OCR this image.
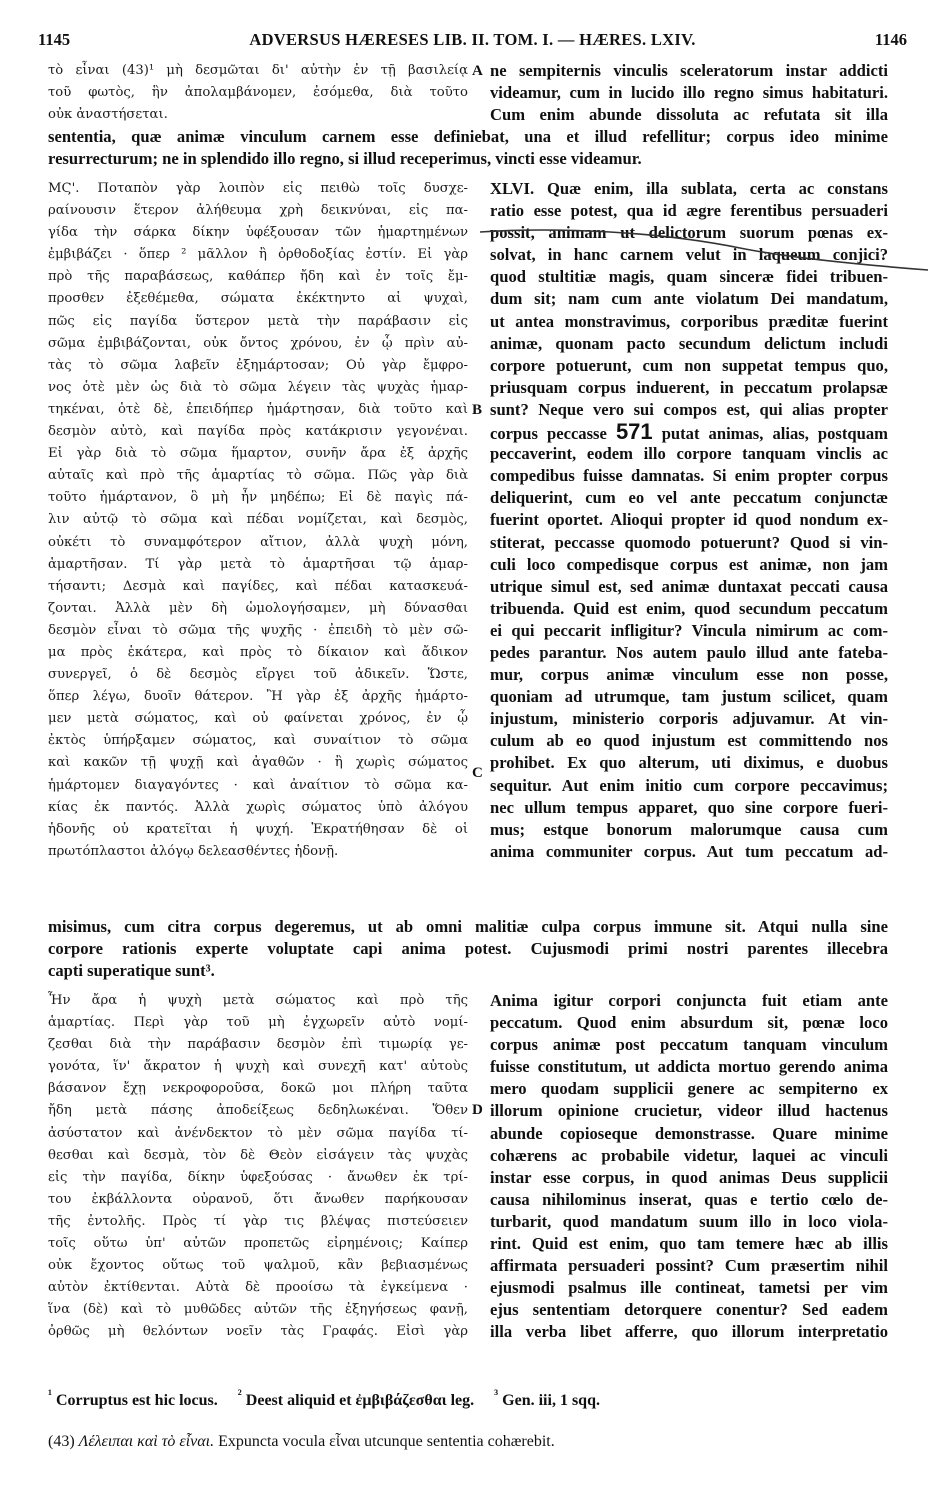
1145	ADVERSUS HÆRESES LIB. II. TOM. I. — HÆRES. LXIV.	1146
τὸ εἶναι (43)¹ μὴ δεσμῶται δι' αὐτὴν ἐν τῇ βασιλείᾳ
τοῦ φωτὸς, ἣν ἀπολαμβάνομεν, ἐσόμεθα, διὰ τοῦτο
οὐκ ἀναστήσεται.
A ne sempiternis vinculis sceleratorum instar addicti
videamur, cum in lucido illo regno simus habitaturi.
Cum enim abunde dissoluta ac refutata sit illa
sententia, quæ animæ vinculum carnem esse definiebat, una et illud refellitur; corpus ideo minime
resurrecturum; ne in splendido illo regno, si illud receperimus, vincti esse videamur.
ΜϚ'. Ποταπὸν γὰρ λοιπὸν εἰς πειθὼ τοῖς δυσχε-
ραίνουσιν ἕτερον ἀλήθευμα χρὴ δεικνύναι, εἰς πα-
γίδα τὴν σάρκα δίκην ὑφέξουσαν τῶν ἡμαρτημένων
ἐμβιβάζει · ὅπερ ² μᾶλλον ἢ ὀρθοδοξίας ἐστίν. Εἰ γὰρ
πρὸ τῆς παραβάσεως, καθάπερ ἤδη καὶ ἐν τοῖς ἔμ-
προσθεν ἐξεθέμεθα, σώματα ἐκέκτηντο αἱ ψυχαὶ,
πῶς εἰς παγίδα ὕστερον μετὰ τὴν παράβασιν εἰς
σῶμα ἐμβιβάζονται, οὐκ ὄντος χρόνου, ἐν ᾧ πρὶν αὐ-
τὰς τὸ σῶμα λαβεῖν ἐξημάρτοσαν; Οὐ γὰρ ἔμφρο-
νος ὁτὲ μὲν ὡς διὰ τὸ σῶμα λέγειν τὰς ψυχὰς ἡμαρ-
τηκέναι, ὁτὲ δὲ, ἐπειδήπερ ἡμάρτησαν, διὰ τοῦτο καὶ
δεσμὸν αὐτὸ, καὶ παγίδα πρὸς κατάκρισιν γεγονέναι.
Εἰ γὰρ διὰ τὸ σῶμα ἥμαρτον, συνῆν ἄρα ἐξ ἀρχῆς
αὐταῖς καὶ πρὸ τῆς ἁμαρτίας τὸ σῶμα. Πῶς γὰρ διὰ
τοῦτο ἡμάρτανον, ὃ μὴ ἦν μηδέπω; Εἰ δὲ παγὶς πά-
λιν αὐτῷ τὸ σῶμα καὶ πέδαι νομίζεται, καὶ δεσμὸς,
οὐκέτι τὸ συναμφότερον αἴτιον, ἀλλὰ ψυχὴ μόνη,
ἁμαρτῆσαν. Τί γὰρ μετὰ τὸ ἁμαρτῆσαι τῷ ἁμαρ-
τήσαντι; Δεσμὰ καὶ παγίδες, καὶ πέδαι κατασκευά-
ζονται. Ἀλλὰ μὲν δὴ ὡμολογήσαμεν, μὴ δύνασθαι
δεσμὸν εἶναι τὸ σῶμα τῆς ψυχῆς · ἐπειδὴ τὸ μὲν σῶ-
μα πρὸς ἑκάτερα, καὶ πρὸς τὸ δίκαιον καὶ ἄδικον
συνεργεῖ, ὁ δὲ δεσμὸς εἴργει τοῦ ἀδικεῖν. Ὥστε,
ὅπερ λέγω, δυοῖν θάτερον. Ἢ γὰρ ἐξ ἀρχῆς ἡμάρτο-
μεν μετὰ σώματος, καὶ οὐ φαίνεται χρόνος, ἐν ᾧ
ἐκτὸς ὑπήρξαμεν σώματος, καὶ συναίτιον τὸ σῶμα
καὶ κακῶν τῇ ψυχῇ καὶ ἀγαθῶν · ἢ χωρὶς σώματος
ἡμάρτομεν διαγαγόντες · καὶ ἀναίτιον τὸ σῶμα κα-
κίας ἐκ παντός. Ἀλλὰ χωρὶς σώματος ὑπὸ ἀλόγου
ἡδονῆς οὐ κρατεῖται ἡ ψυχή. Ἐκρατήθησαν δὲ οἱ
πρωτόπλαστοι ἀλόγῳ δελεασθέντες ἡδονῇ.
B
C
XLVI. Quæ enim, illa sublata, certa ac constans
ratio esse potest, qua id ægre ferentibus persuaderi
possit, animam ut delictorum suorum pœnas ex-
solvat, in hanc carnem velut in laqueum conjici?
quod stultitiæ magis, quam sinceræ fidei tribuen-
dum sit; nam cum ante violatum Dei mandatum,
ut antea monstravimus, corporibus præditæ fuerint
animæ, quonam pacto secundum delictum includi
corpore potuerunt, cum non suppetat tempus quo,
priusquam corpus induerent, in peccatum prolapsæ
sunt? Neque vero sui compos est, qui alias propter
corpus peccasse 571 putat animas, alias, postquam
peccaverint, eodem illo corpore tanquam vinclis ac
compedibus fuisse damnatas. Si enim propter corpus
deliquerint, cum eo vel ante peccatum conjunctæ
fuerint oportet. Alioqui propter id quod nondum ex-
stiterat, peccasse quomodo potuerunt? Quod si vin-
culi loco compedisque corpus est animæ, non jam
utrique simul est, sed animæ duntaxat peccati causa
tribuenda. Quid est enim, quod secundum peccatum
ei qui peccarit infligitur? Vincula nimirum ac com-
pedes parantur. Nos autem paulo illud ante fateba-
mur, corpus animæ vinculum esse non posse,
quoniam ad utrumque, tam justum scilicet, quam
injustum, ministerio corporis adjuvamur. At vin-
culum ab eo quod injustum est committendo nos
prohibet. Ex quo alterum, uti diximus, e duobus
sequitur. Aut enim initio cum corpore peccavimus;
nec ullum tempus apparet, quo sine corpore fueri-
mus; estque bonorum malorumque causa cum
anima communiter corpus. Aut tum peccatum ad-
misimus, cum citra corpus degeremus, ut ab omni malitiæ culpa corpus immune sit. Atqui nulla sine
corpore rationis experte voluptate capi anima potest. Cujusmodi primi nostri parentes illecebra
capti superatique sunt³.
Ἦν ἄρα ἡ ψυχὴ μετὰ σώματος καὶ πρὸ τῆς
ἁμαρτίας. Περὶ γὰρ τοῦ μὴ ἐγχωρεῖν αὐτὸ νομί-
ζεσθαι διὰ τὴν παράβασιν δεσμὸν ἐπὶ τιμωρίᾳ γε-
γονότα, ἵν' ἄκρατον ἡ ψυχὴ καὶ συνεχῆ κατ' αὐτοὺς
βάσανον ἔχῃ νεκροφοροῦσα, δοκῶ μοι πλήρη ταῦτα
ἤδη μετὰ πάσης ἀποδείξεως δεδηλωκέναι. Ὅθεν
ἀσύστατον καὶ ἀνένδεκτον τὸ μὲν σῶμα παγίδα τί-
θεσθαι καὶ δεσμὰ, τὸν δὲ Θεὸν εἰσάγειν τὰς ψυχὰς
εἰς τὴν παγίδα, δίκην ὑφεξούσας · ἄνωθεν ἐκ τρί-
του ἐκβάλλοντα οὐρανοῦ, ὅτι ἄνωθεν παρήκουσαν
τῆς ἐντολῆς. Πρὸς τί γὰρ τις βλέψας πιστεύσειεν
τοῖς οὕτω ὑπ' αὐτῶν προπετῶς εἰρημένοις; Καίπερ
οὐκ ἔχοντος οὕτως τοῦ ψαλμοῦ, κἂν βεβιασμένως
αὐτὸν ἐκτίθενται. Αὐτὰ δὲ προοίσω τὰ ἐγκείμενα ·
ἵνα (δὲ) καὶ τὸ μυθῶδες αὐτῶν τῆς ἐξηγήσεως φανῇ,
ὀρθῶς μὴ θελόντων νοεῖν τὰς Γραφάς. Εἰσὶ γὰρ
D
Anima igitur corpori conjuncta fuit etiam ante
peccatum. Quod enim absurdum sit, pœnæ loco
corpus animæ post peccatum tanquam vinculum
fuisse constitutum, ut addicta mortuo gerendo anima
mero quodam supplicii genere ac sempiterno ex
illorum opinione crucietur, videor illud hactenus
abunde copioseque demonstrasse. Quare minime
cohærens ac probabile videtur, laquei ac vinculi
instar esse corpus, in quod animas Deus supplicii
causa nihilominus inserat, quas e tertio cœlo de-
turbarit, quod mandatum suum illo in loco viola-
rint. Quid est enim, quo tam temere hæc ab illis
affirmata persuaderi possint? Cum præsertim nihil
ejusmodi psalmus ille contineat, tametsi per vim
ejus sententiam detorquere conentur? Sed eadem
illa verba libet afferre, quo illorum interpretatio
$^{^1}$ Corruptus est hic locus. $^{^2}$ Deest aliquid et ἐμβιβάζεσθαι leg. $^{^3}$ Gen. iii, 1 sqq.
(43) Λέλειπαι καὶ τὸ εἶναι. Expuncta vocula εἶναι utcunque sententia cohærebit.
